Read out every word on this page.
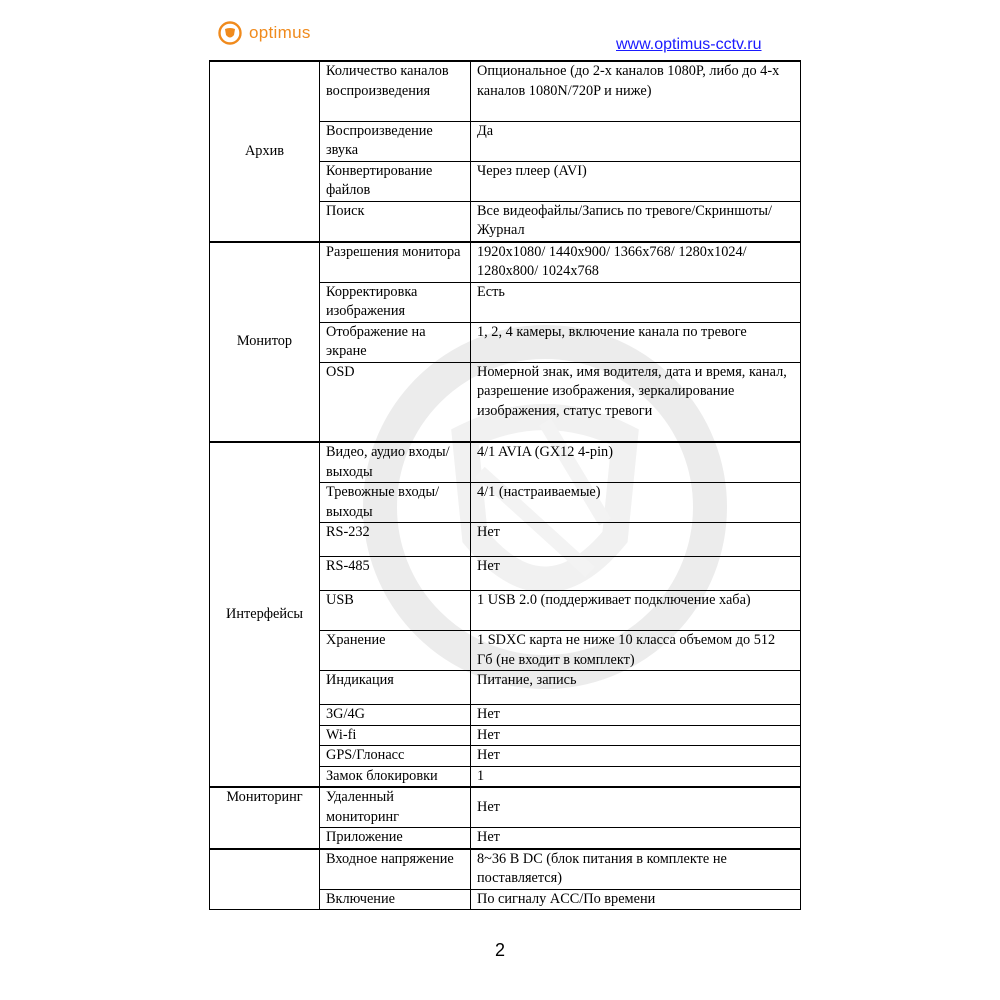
optimus
www.optimus-cctv.ru
Архив	Количество каналов воспроизведения	Опциональное (до 2-х каналов 1080P, либо до 4-х каналов 1080N/720P и ниже)
	Воспроизведение звука	Да
	Конвертирование файлов	Через плеер (AVI)
	Поиск	Все видеофайлы/Запись по тревоге/Скриншоты/Журнал
Монитор	Разрешения монитора	1920x1080/ 1440x900/ 1366x768/ 1280x1024/ 1280x800/ 1024x768
	Корректировка изображения	Есть
	Отображение на экране	1, 2, 4 камеры, включение канала по тревоге
	OSD	Номерной знак, имя водителя, дата и время, канал, разрешение изображения, зеркалирование изображения, статус тревоги
Интерфейсы	Видео, аудио входы/выходы	4/1 AVIA (GX12 4-pin)
	Тревожные входы/выходы	4/1 (настраиваемые)
	RS-232	Нет
	RS-485	Нет
	USB	1 USB 2.0 (поддерживает подключение хаба)
	Хранение	1 SDXC карта не ниже 10 класса объемом до 512 Гб (не входит в комплект)
	Индикация	Питание, запись
	3G/4G	Нет
	Wi-fi	Нет
	GPS/Глонасс	Нет
	Замок блокировки	1
Мониторинг	Удаленный мониторинг	Нет
	Приложение	Нет
	Входное напряжение	8~36 В DC (блок питания в комплекте не поставляется)
	Включение	По сигналу ACC/По времени
2
